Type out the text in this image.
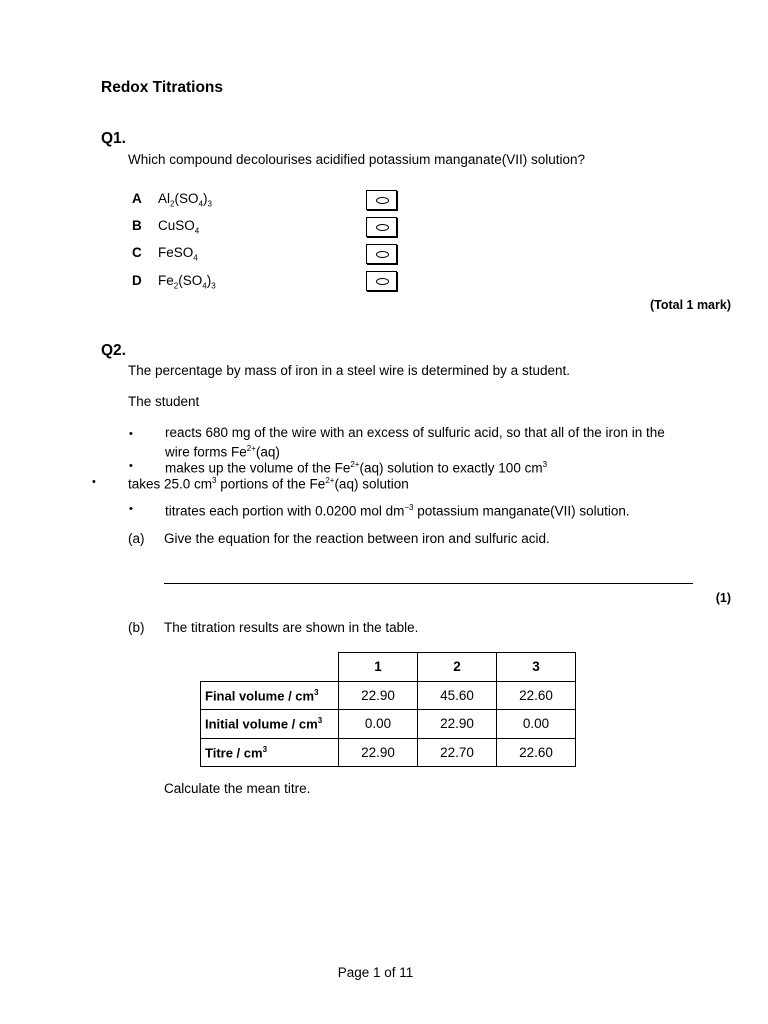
Redox Titrations
Q1.
Which compound decolourises acidified potassium manganate(VII) solution?
A $Al_2(SO_4)_3$
B CuSO$_4$
C FeSO$_4$
D $Fe_2(SO_4)_3$
(Total 1 mark)
Q2.
The percentage by mass of iron in a steel wire is determined by a student.
The student
• reacts 680 mg of the wire with an excess of sulfuric acid, so that all of the iron in the
wire forms $Fe^{2+}(aq)$
• makes up the volume of the $Fe^{2+}(aq)$ solution to exactly 100 $cm^3$
• takes 25.0 $cm^3$ portions of the $Fe^{2+}(aq)$ solution
• titrates each portion with 0.0200 mol $dm^{-3}$ potassium manganate(VII) solution.
(a) Give the equation for the reaction between iron and sulfuric acid.
(1)
(b) The titration results are shown in the table.
	1	2	3
Final volume / $cm^3$	22.90	45.60	22.60
Initial volume / $cm^3$	0.00	22.90	0.00
Titre / $cm^3$	22.90	22.70	22.60
Calculate the mean titre.
Page 1 of 11
